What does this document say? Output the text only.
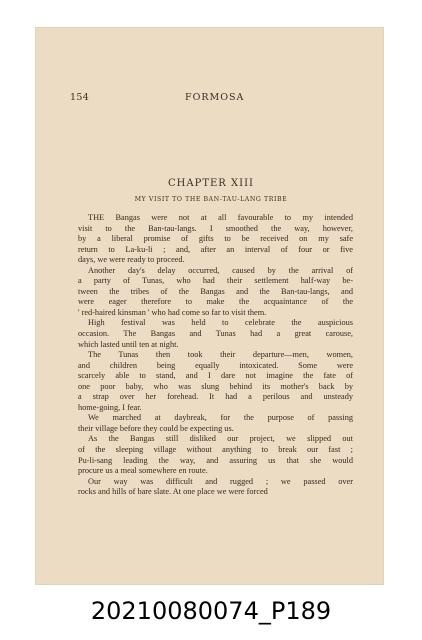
154	FORMOSA
CHAPTER XIII
MY VISIT TO THE BAN-TAU-LANG TRIBE
THE Bangas were not at all favourable to my intended
visit to the Ban-tau-langs. I smoothed the way, however,
by a liberal promise of gifts to be received on my safe
return to La-ku-li ; and, after an interval of four or five
days, we were ready to proceed.
Another day's delay occurred, caused by the arrival of
a party of Tunas, who had their settlement half-way be-
tween the tribes of the Bangas and the Ban-tau-langs, and
were eager therefore to make the acquaintance of the
' red-haired kinsman ' who had come so far to visit them.
High festival was held to celebrate the auspicious
occasion. The Bangas and Tunas had a great carouse,
which lasted until ten at night.
The Tunas then took their departure—men, women,
and children being equally intoxicated. Some were
scarcely able to stand, and I dare not imagine the fate of
one poor baby, who was slung behind its mother's back by
a strap over her forehead. It had a perilous and unsteady
home-going, I fear.
We marched at daybreak, for the purpose of passing
their village before they could be expecting us.
As the Bangas still disliked our project, we slipped out
of the sleeping village without anything to break our fast ;
Pu-li-sang leading the way, and assuring us that she would
procure us a meal somewhere en route.
Our way was difficult and rugged ; we passed over
rocks and hills of bare slate. At one place we were forced
20210080074_P189
